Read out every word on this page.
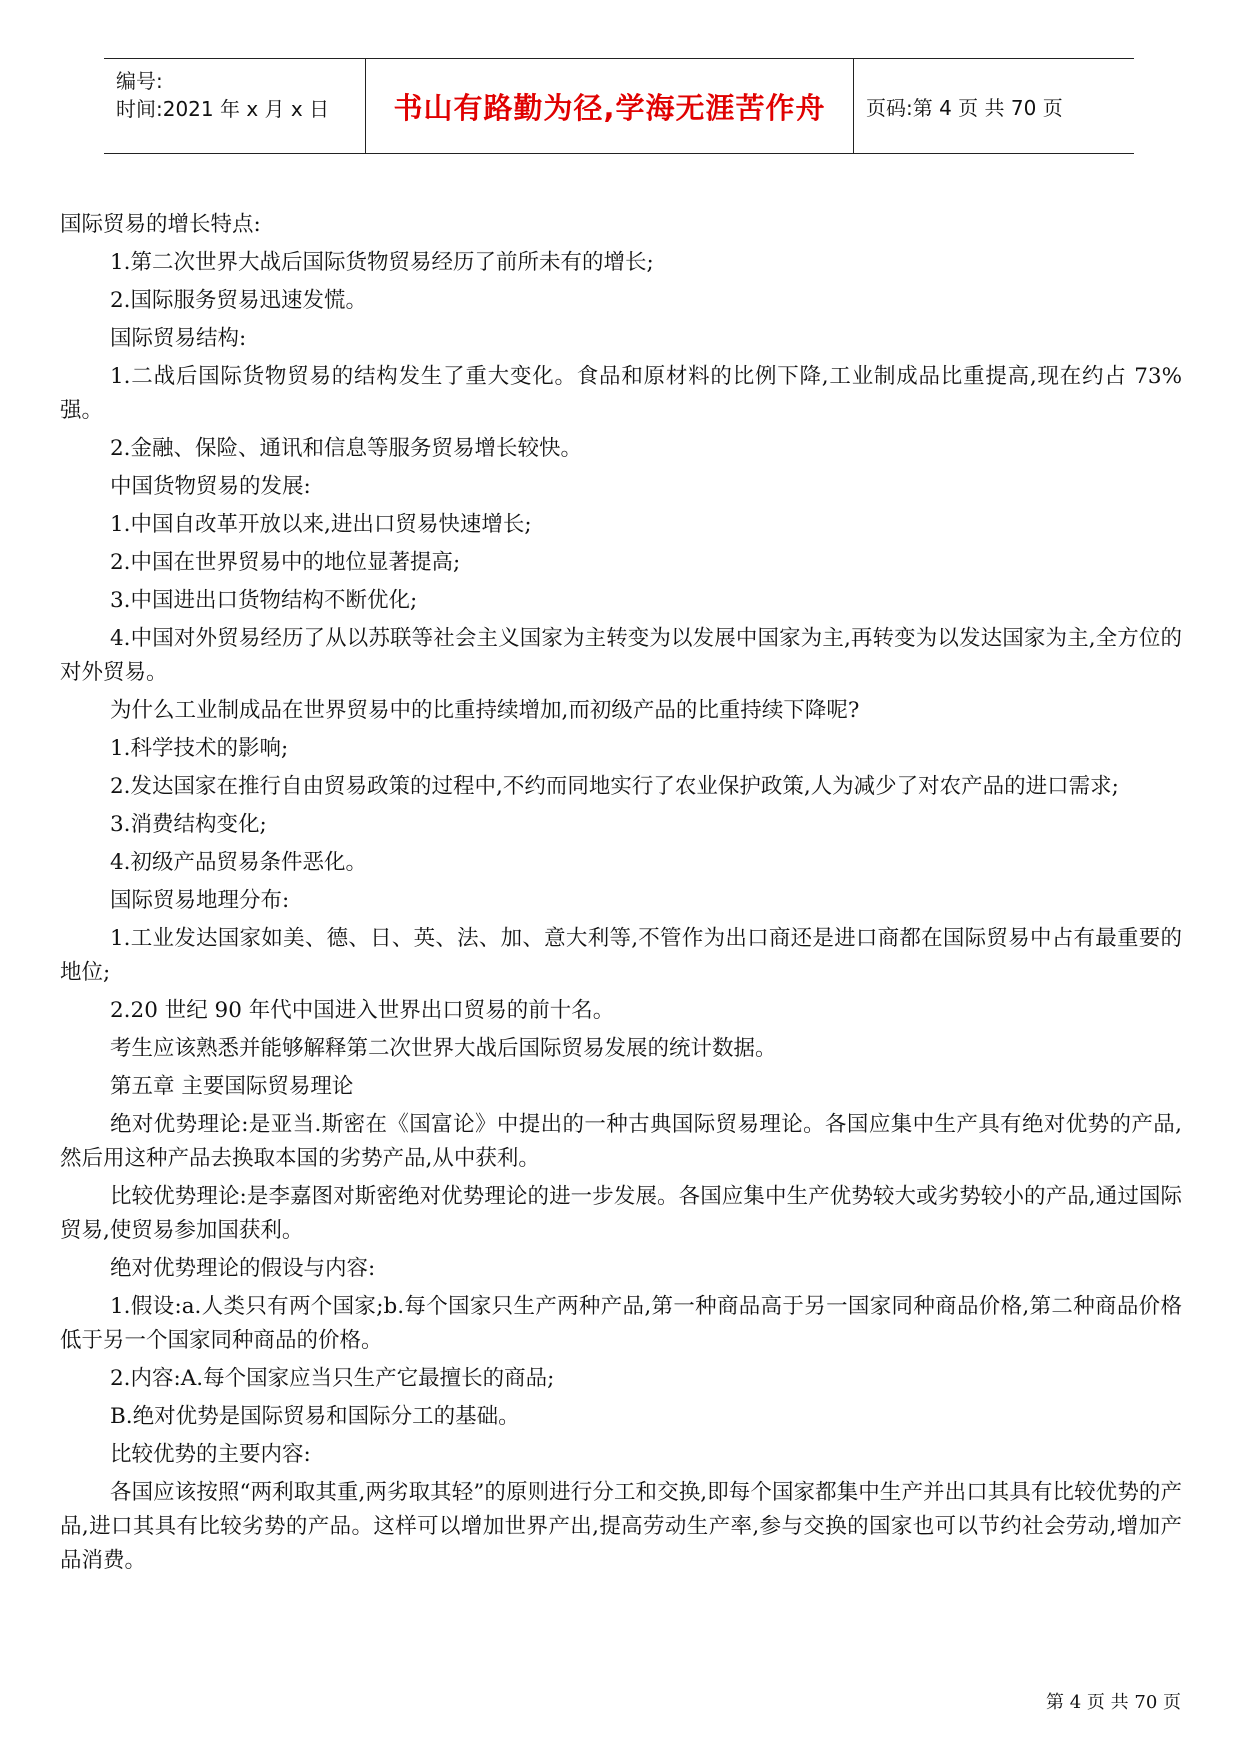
编号:
时间:2021 年 x 月 x 日 书山有路勤为径,学海无涯苦作舟 页码:第 4 页 共 70 页

国际贸易的增长特点:

1.第二次世界大战后国际货物贸易经历了前所未有的增长;

2.国际服务贸易迅速发慌。

国际贸易结构:

1.二战后国际货物贸易的结构发生了重大变化。食品和原材料的比例下降,工业制成品比重提高,现在约占 73%强。

2.金融、保险、通讯和信息等服务贸易增长较快。

中国货物贸易的发展:

1.中国自改革开放以来,进出口贸易快速增长;

2.中国在世界贸易中的地位显著提高;

3.中国进出口货物结构不断优化;

4.中国对外贸易经历了从以苏联等社会主义国家为主转变为以发展中国家为主,再转变为以发达国家为主,全方位的对外贸易。

为什么工业制成品在世界贸易中的比重持续增加,而初级产品的比重持续下降呢?

1.科学技术的影响;

2.发达国家在推行自由贸易政策的过程中,不约而同地实行了农业保护政策,人为减少了对农产品的进口需求;

3.消费结构变化;

4.初级产品贸易条件恶化。

国际贸易地理分布:

1.工业发达国家如美、德、日、英、法、加、意大利等,不管作为出口商还是进口商都在国际贸易中占有最重要的地位;

2.20 世纪 90 年代中国进入世界出口贸易的前十名。

考生应该熟悉并能够解释第二次世界大战后国际贸易发展的统计数据。

第五章 主要国际贸易理论

绝对优势理论:是亚当.斯密在《国富论》中提出的一种古典国际贸易理论。各国应集中生产具有绝对优势的产品,然后用这种产品去换取本国的劣势产品,从中获利。

比较优势理论:是李嘉图对斯密绝对优势理论的进一步发展。各国应集中生产优势较大或劣势较小的产品,通过国际贸易,使贸易参加国获利。

绝对优势理论的假设与内容:

1.假设:a.人类只有两个国家;b.每个国家只生产两种产品,第一种商品高于另一国家同种商品价格,第二种商品价格低于另一个国家同种商品的价格。

2.内容:A.每个国家应当只生产它最擅长的商品;

B.绝对优势是国际贸易和国际分工的基础。

比较优势的主要内容:

各国应该按照“两利取其重,两劣取其轻”的原则进行分工和交换,即每个国家都集中生产并出口其具有比较优势的产品,进口其具有比较劣势的产品。这样可以增加世界产出,提高劳动生产率,参与交换的国家也可以节约社会劳动,增加产品消费。

第 4 页 共 70 页
